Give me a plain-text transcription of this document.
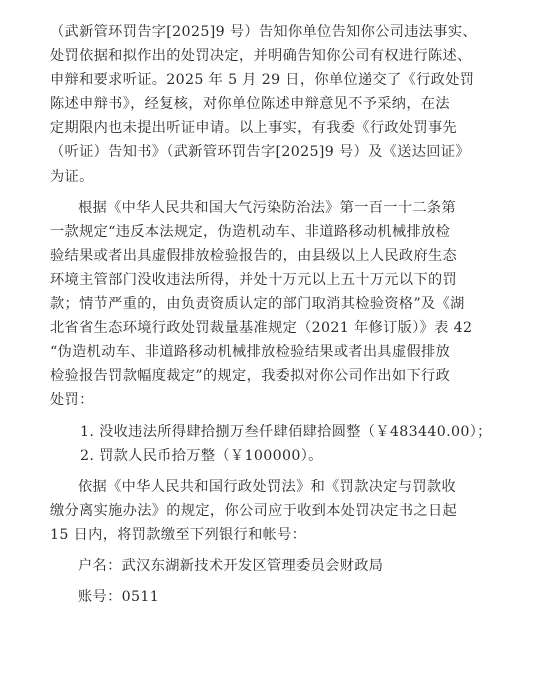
（武新管环罚告字[2025]9 号）告知你单位告知你公司违法事实、
处罚依据和拟作出的处罚决定，并明确告知你公司有权进行陈述、
申辩和要求听证。2025 年 5 月 29 日，你单位递交了《行政处罚
陈述申辩书》，经复核，对你单位陈述申辩意见不予采纳，在法
定期限内也未提出听证申请。以上事实，有我委《行政处罚事先
（听证）告知书》（武新管环罚告字[2025]9 号）及《送达回证》
为证。
根据《中华人民共和国大气污染防治法》第一百一十二条第
一款规定“违反本法规定，伪造机动车、非道路移动机械排放检
验结果或者出具虚假排放检验报告的，由县级以上人民政府生态
环境主管部门没收违法所得，并处十万元以上五十万元以下的罚
款；情节严重的，由负责资质认定的部门取消其检验资格”及《湖
北省省生态环境行政处罚裁量基准规定（2021 年修订版）》表 42
“伪造机动车、非道路移动机械排放检验结果或者出具虚假排放
检验报告罚款幅度裁定”的规定，我委拟对你公司作出如下行政
处罚：
1. 没收违法所得肆拾捌万叁仟肆佰肆拾圆整（￥483440.00）；
2. 罚款人民币拾万整（￥100000）。
依据《中华人民共和国行政处罚法》和《罚款决定与罚款收
缴分离实施办法》的规定，你公司应于收到本处罚决定书之日起
15 日内，将罚款缴至下列银行和帐号：
户名：武汉东湖新技术开发区管理委员会财政局
账号：0511
